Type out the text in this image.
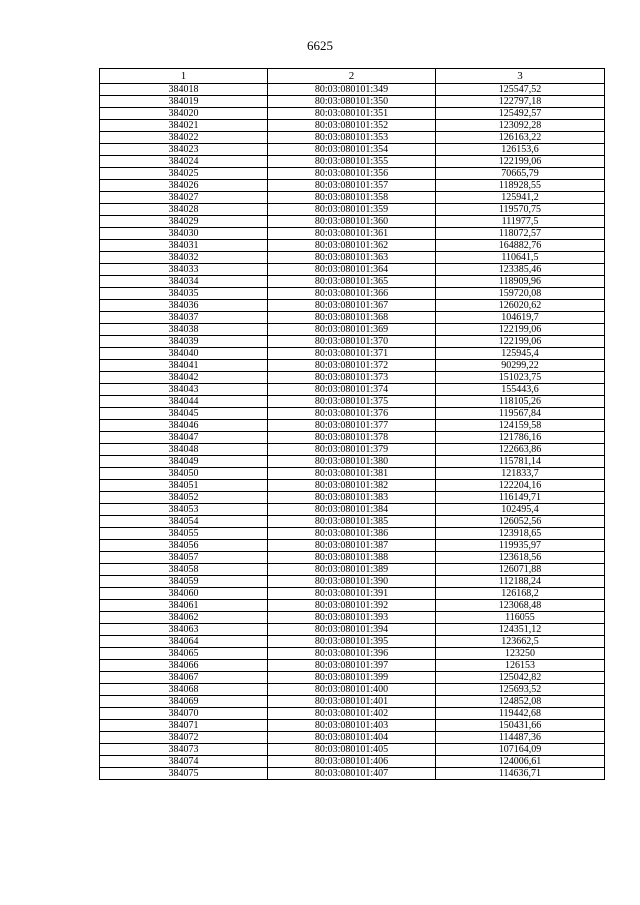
6625
1	2	3
384018	80:03:080101:349	125547,52
384019	80:03:080101:350	122797,18
384020	80:03:080101:351	125492,57
384021	80:03:080101:352	123092,28
384022	80:03:080101:353	126163,22
384023	80:03:080101:354	126153,6
384024	80:03:080101:355	122199,06
384025	80:03:080101:356	70665,79
384026	80:03:080101:357	118928,55
384027	80:03:080101:358	125941,2
384028	80:03:080101:359	119570,75
384029	80:03:080101:360	111977,5
384030	80:03:080101:361	118072,57
384031	80:03:080101:362	164882,76
384032	80:03:080101:363	110641,5
384033	80:03:080101:364	123385,46
384034	80:03:080101:365	118909,96
384035	80:03:080101:366	159720,08
384036	80:03:080101:367	126020,62
384037	80:03:080101:368	104619,7
384038	80:03:080101:369	122199,06
384039	80:03:080101:370	122199,06
384040	80:03:080101:371	125945,4
384041	80:03:080101:372	90299,22
384042	80:03:080101:373	151023,75
384043	80:03:080101:374	155443,6
384044	80:03:080101:375	118105,26
384045	80:03:080101:376	119567,84
384046	80:03:080101:377	124159,58
384047	80:03:080101:378	121786,16
384048	80:03:080101:379	122663,86
384049	80:03:080101:380	115781,14
384050	80:03:080101:381	121833,7
384051	80:03:080101:382	122204,16
384052	80:03:080101:383	116149,71
384053	80:03:080101:384	102495,4
384054	80:03:080101:385	126052,56
384055	80:03:080101:386	123918,65
384056	80:03:080101:387	119935,97
384057	80:03:080101:388	123618,56
384058	80:03:080101:389	126071,88
384059	80:03:080101:390	112188,24
384060	80:03:080101:391	126168,2
384061	80:03:080101:392	123068,48
384062	80:03:080101:393	116055
384063	80:03:080101:394	124351,12
384064	80:03:080101:395	123662,5
384065	80:03:080101:396	123250
384066	80:03:080101:397	126153
384067	80:03:080101:399	125042,82
384068	80:03:080101:400	125693,52
384069	80:03:080101:401	124852,08
384070	80:03:080101:402	119442,68
384071	80:03:080101:403	150431,66
384072	80:03:080101:404	114487,36
384073	80:03:080101:405	107164,09
384074	80:03:080101:406	124006,61
384075	80:03:080101:407	114636,71
